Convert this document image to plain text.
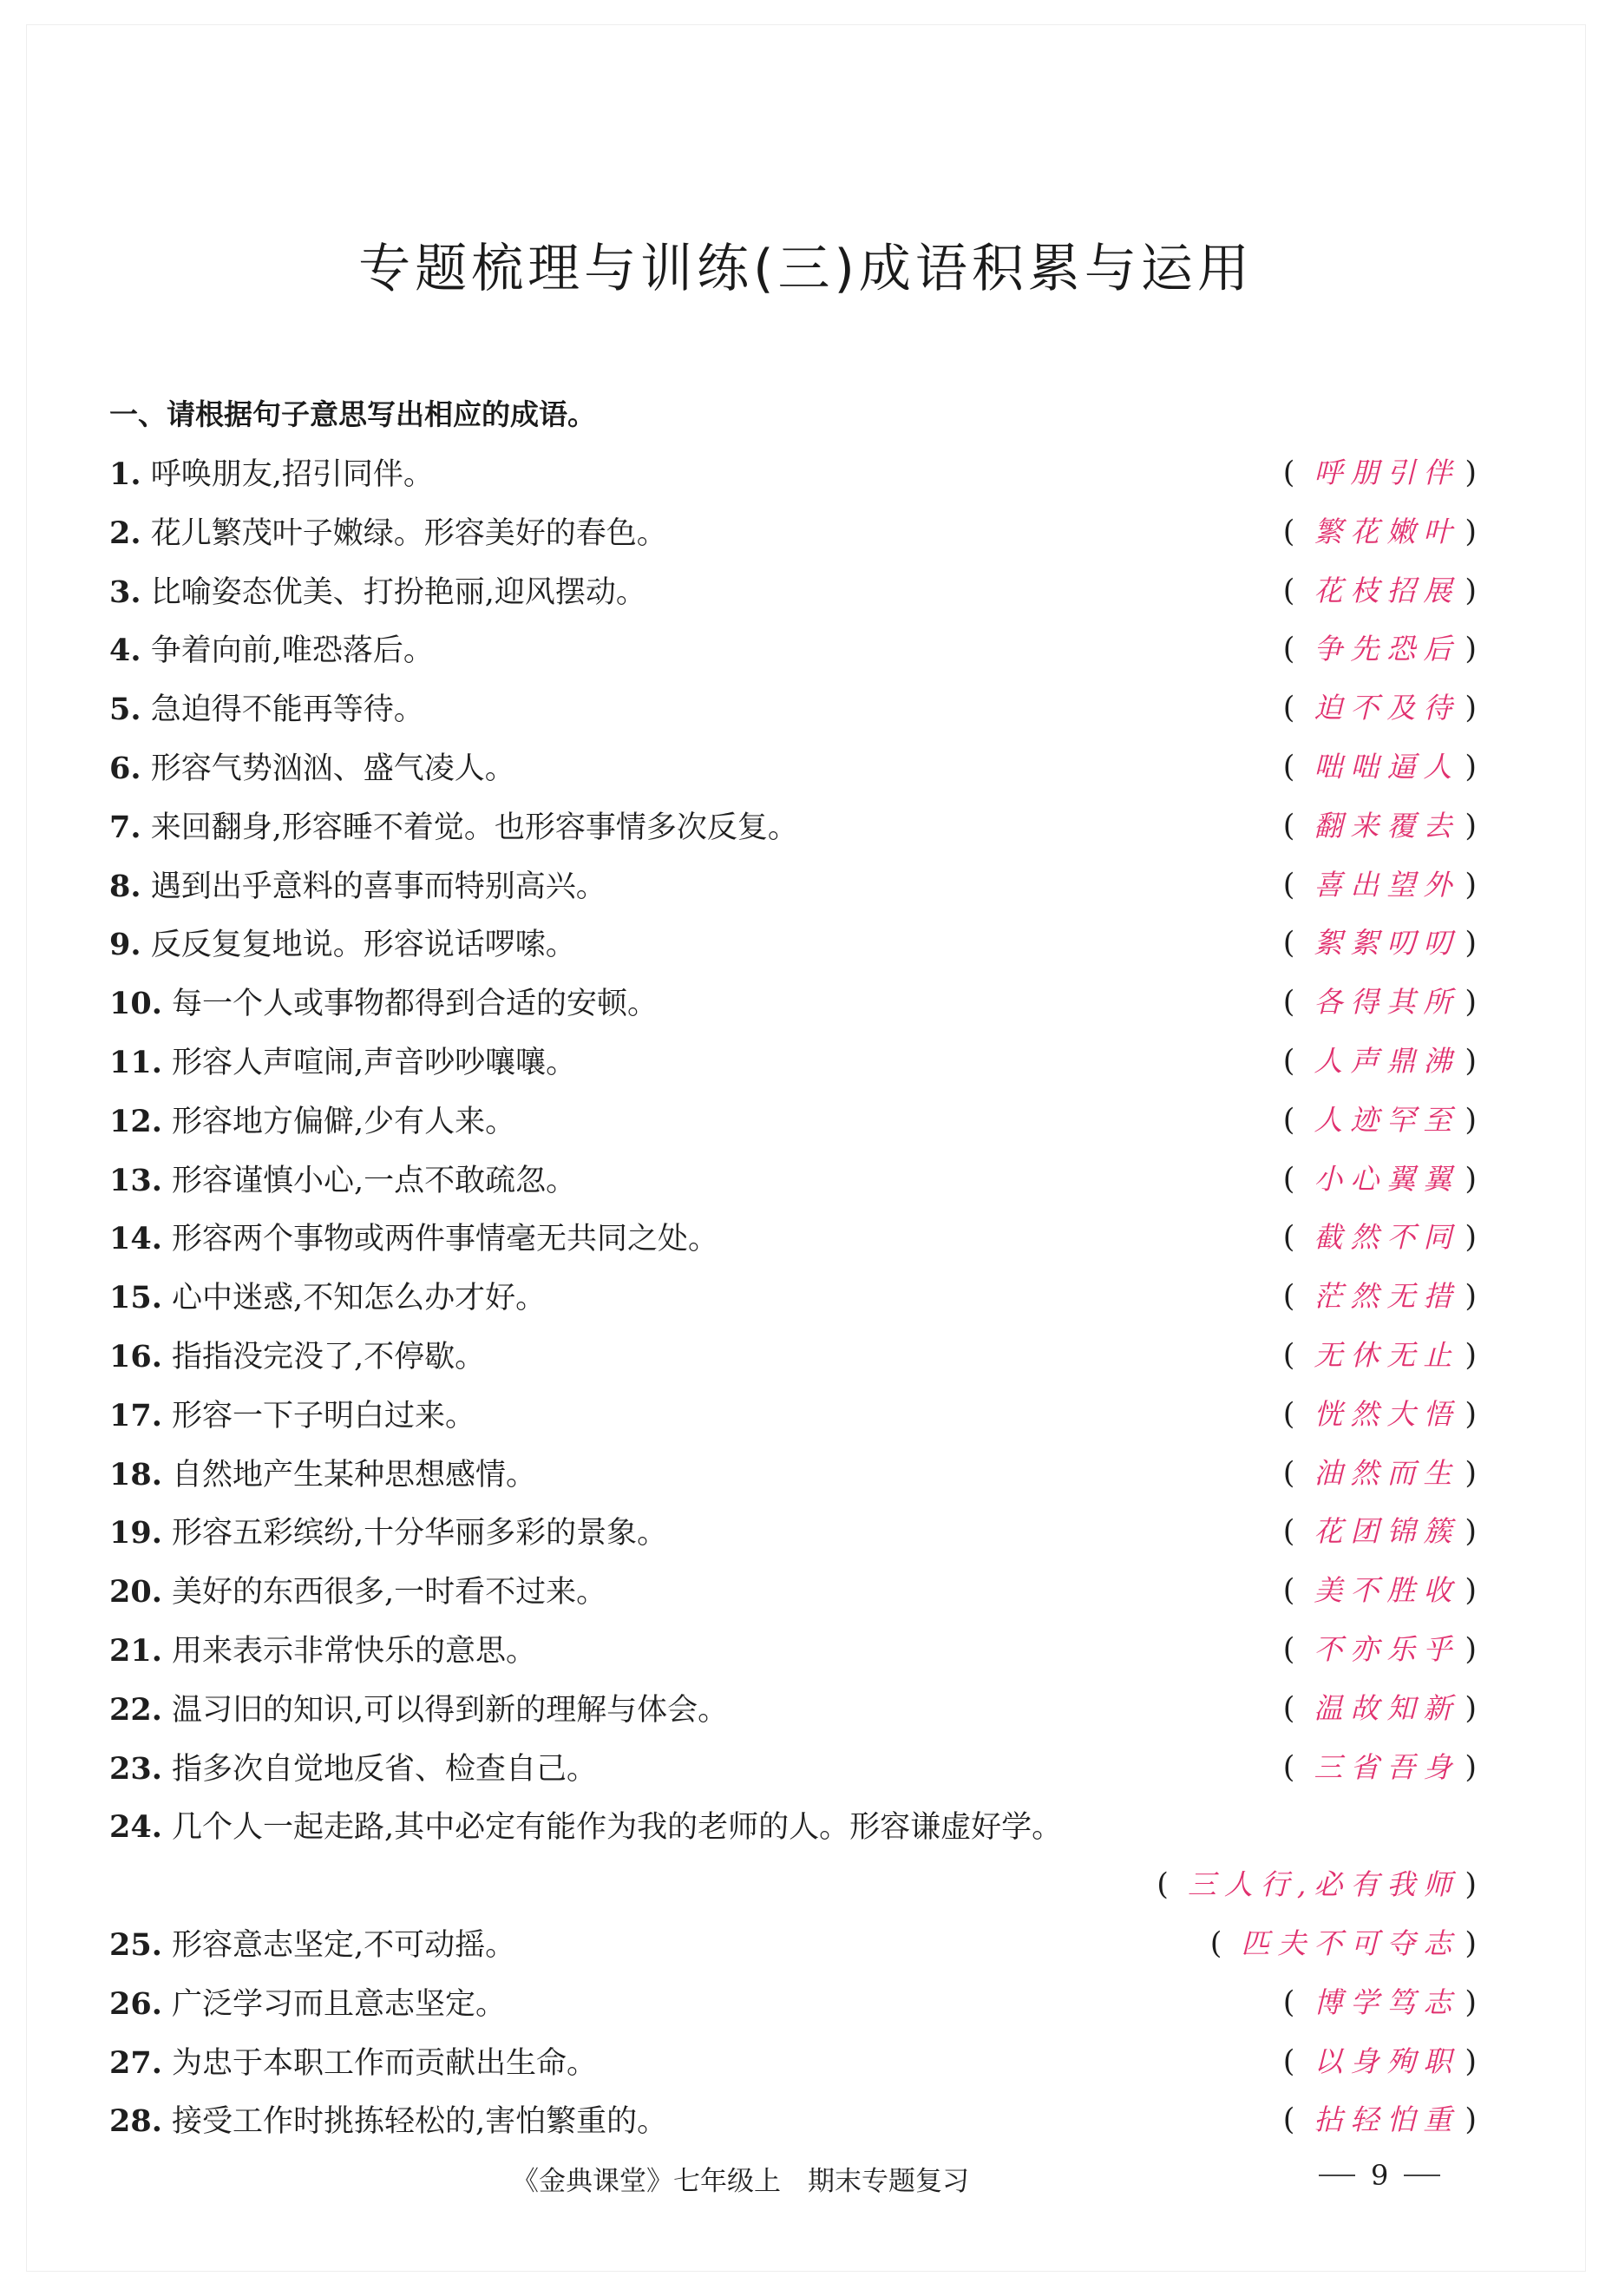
专题梳理与训练(三)成语积累与运用
一、请根据句子意思写出相应的成语。
1. 呼唤朋友,招引同伴。	( 呼朋引伴 )
2. 花儿繁茂叶子嫩绿。形容美好的春色。	( 繁花嫩叶 )
3. 比喻姿态优美、打扮艳丽,迎风摆动。	( 花枝招展 )
4. 争着向前,唯恐落后。	( 争先恐后 )
5. 急迫得不能再等待。	( 迫不及待 )
6. 形容气势汹汹、盛气凌人。	( 咄咄逼人 )
7. 来回翻身,形容睡不着觉。也形容事情多次反复。	( 翻来覆去 )
8. 遇到出乎意料的喜事而特别高兴。	( 喜出望外 )
9. 反反复复地说。形容说话啰嗦。	( 絮絮叨叨 )
10. 每一个人或事物都得到合适的安顿。	( 各得其所 )
11. 形容人声喧闹,声音吵吵嚷嚷。	( 人声鼎沸 )
12. 形容地方偏僻,少有人来。	( 人迹罕至 )
13. 形容谨慎小心,一点不敢疏忽。	( 小心翼翼 )
14. 形容两个事物或两件事情毫无共同之处。	( 截然不同 )
15. 心中迷惑,不知怎么办才好。	( 茫然无措 )
16. 指指没完没了,不停歇。	( 无休无止 )
17. 形容一下子明白过来。	( 恍然大悟 )
18. 自然地产生某种思想感情。	( 油然而生 )
19. 形容五彩缤纷,十分华丽多彩的景象。	( 花团锦簇 )
20. 美好的东西很多,一时看不过来。	( 美不胜收 )
21. 用来表示非常快乐的意思。	( 不亦乐乎 )
22. 温习旧的知识,可以得到新的理解与体会。	( 温故知新 )
23. 指多次自觉地反省、检查自己。	( 三省吾身 )
24. 几个人一起走路,其中必定有能作为我的老师的人。形容谦虚好学。
( 三人行,必有我师 )
25. 形容意志坚定,不可动摇。	( 匹夫不可夺志 )
26. 广泛学习而且意志坚定。	( 博学笃志 )
27. 为忠于本职工作而贡献出生命。	( 以身殉职 )
28. 接受工作时挑拣轻松的,害怕繁重的。	( 拈轻怕重 )
《金典课堂》七年级上　期末专题复习	9
